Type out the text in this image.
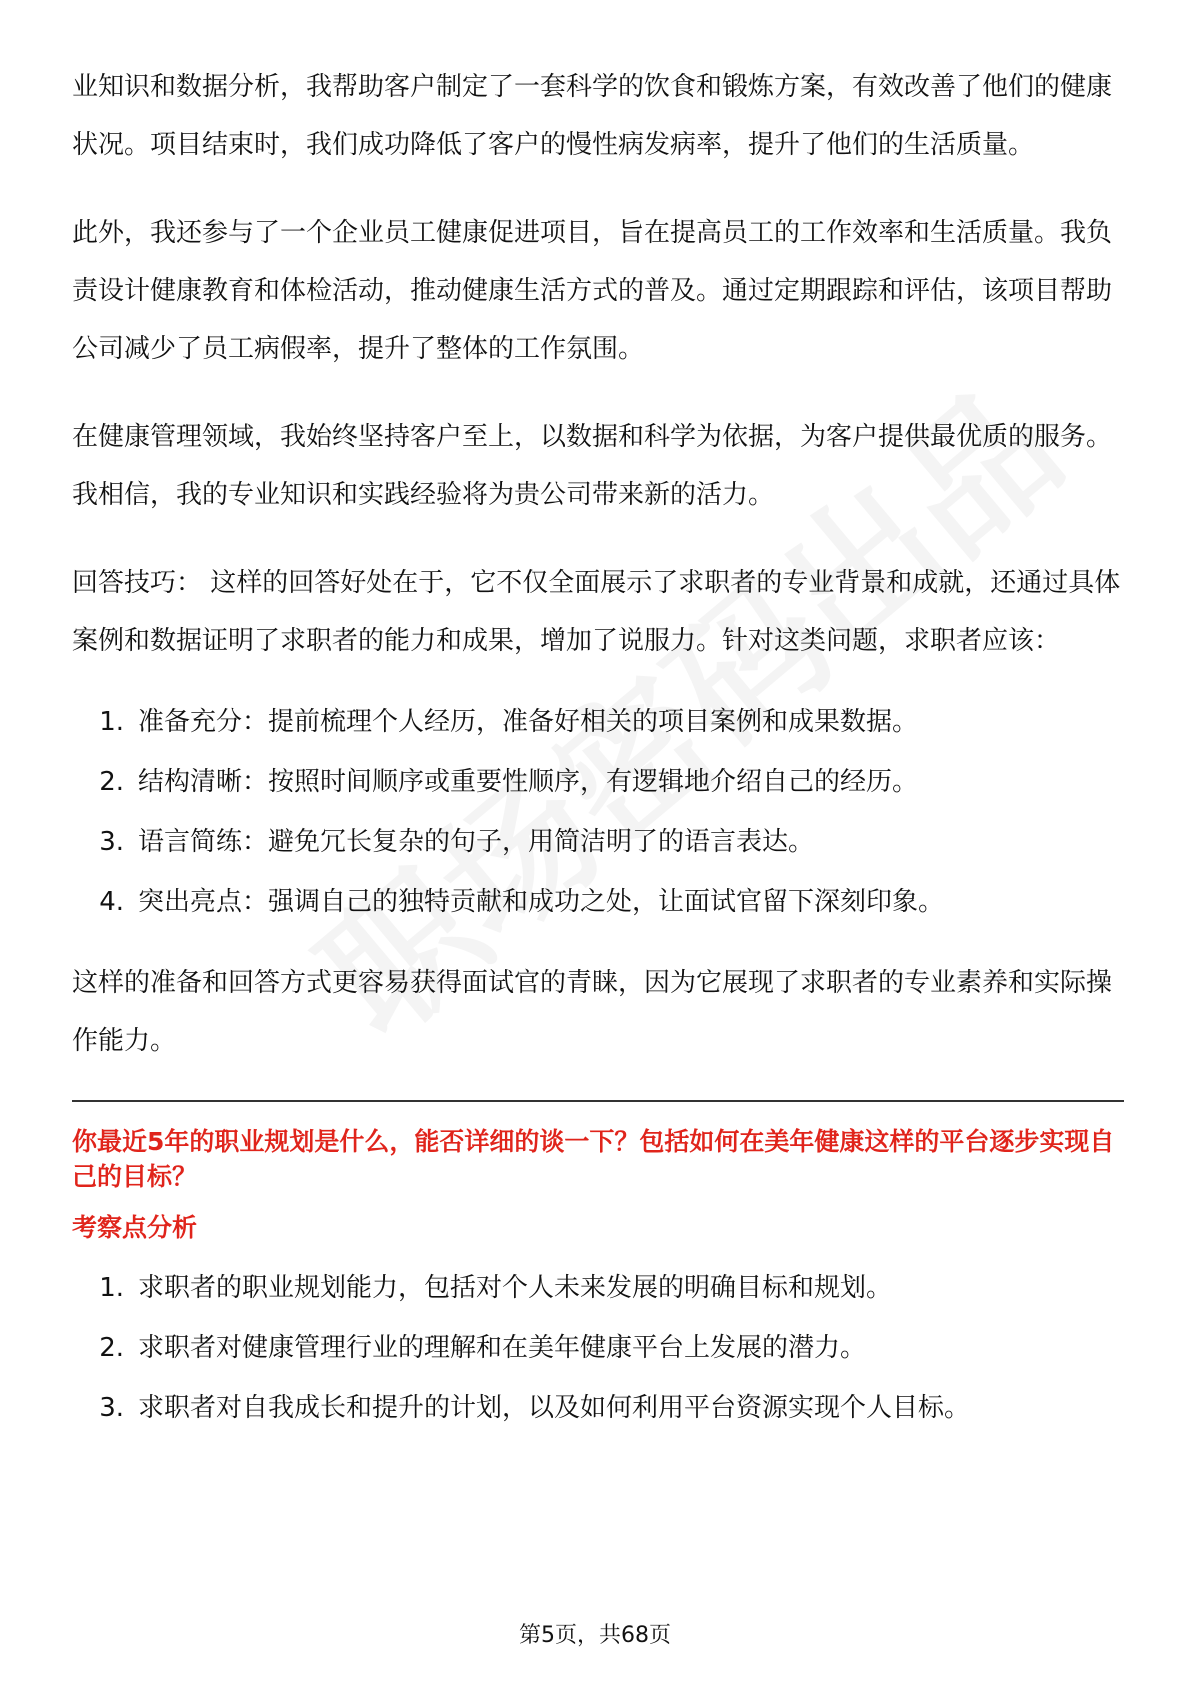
业知识和数据分析，我帮助客户制定了一套科学的饮食和锻炼方案，有效改善了他们的健康状况。项目结束时，我们成功降低了客户的慢性病发病率，提升了他们的生活质量。

此外，我还参与了一个企业员工健康促进项目，旨在提高员工的工作效率和生活质量。我负责设计健康教育和体检活动，推动健康生活方式的普及。通过定期跟踪和评估，该项目帮助公司减少了员工病假率，提升了整体的工作氛围。

在健康管理领域，我始终坚持客户至上，以数据和科学为依据，为客户提供最优质的服务。我相信，我的专业知识和实践经验将为贵公司带来新的活力。

回答技巧： 这样的回答好处在于，它不仅全面展示了求职者的专业背景和成就，还通过具体案例和数据证明了求职者的能力和成果，增加了说服力。针对这类问题，求职者应该：

1. 准备充分：提前梳理个人经历，准备好相关的项目案例和成果数据。
2. 结构清晰：按照时间顺序或重要性顺序，有逻辑地介绍自己的经历。
3. 语言简练：避免冗长复杂的句子，用简洁明了的语言表达。
4. 突出亮点：强调自己的独特贡献和成功之处，让面试官留下深刻印象。

这样的准备和回答方式更容易获得面试官的青睐，因为它展现了求职者的专业素养和实际操作能力。

你最近5年的职业规划是什么，能否详细的谈一下？包括如何在美年健康这样的平台逐步实现自己的目标？
考察点分析
1. 求职者的职业规划能力，包括对个人未来发展的明确目标和规划。
2. 求职者对健康管理行业的理解和在美年健康平台上发展的潜力。
3. 求职者对自我成长和提升的计划，以及如何利用平台资源实现个人目标。
第5页，共68页
